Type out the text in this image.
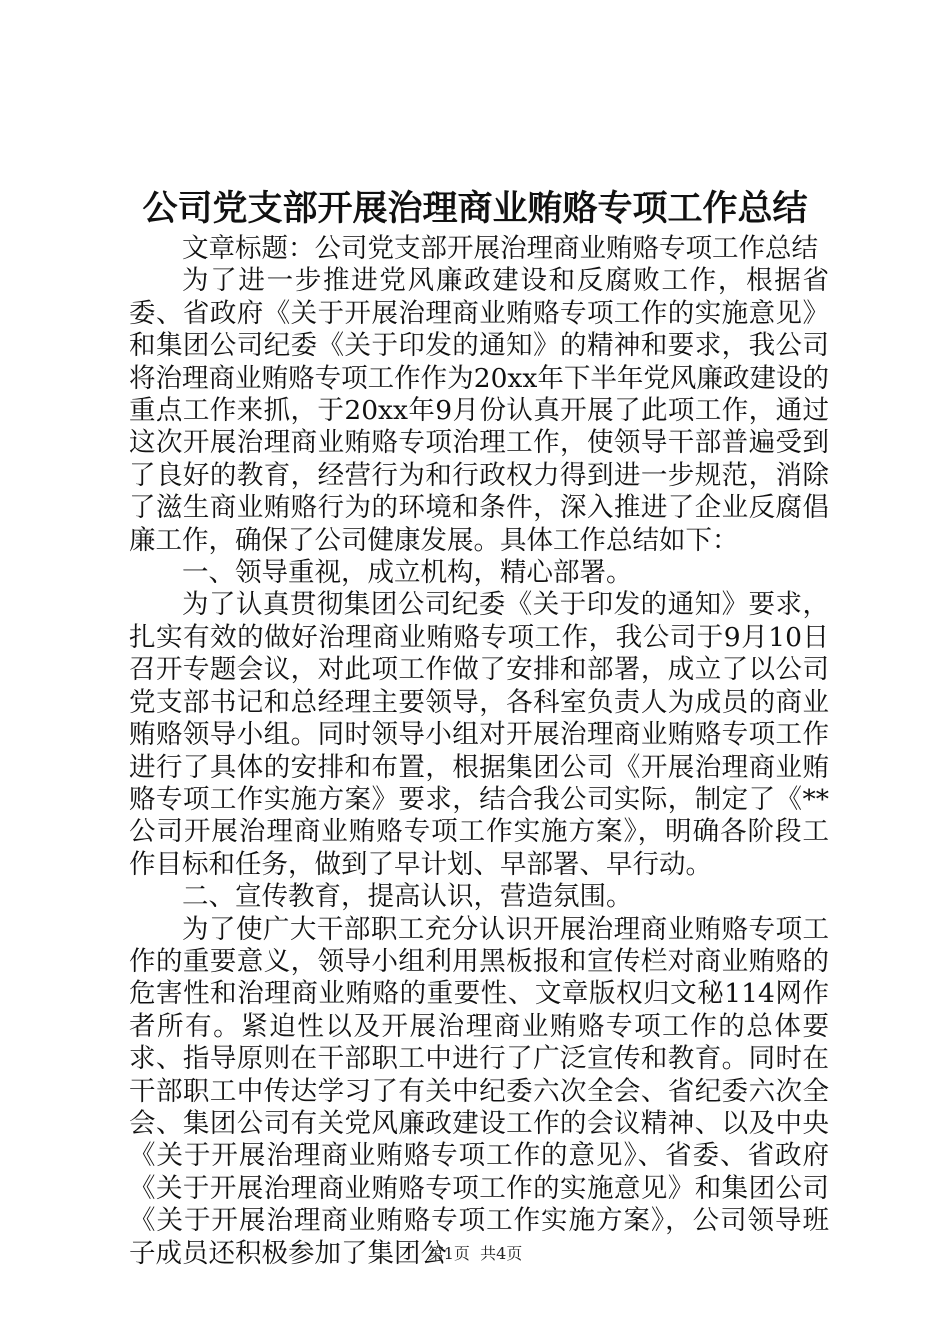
公司党支部开展治理商业贿赂专项工作总结

文章标题：公司党支部开展治理商业贿赂专项工作总结

为了进一步推进党风廉政建设和反腐败工作，根据省委、省政府《关于开展治理商业贿赂专项工作的实施意见》和集团公司纪委《关于印发的通知》的精神和要求，我公司将治理商业贿赂专项工作作为20xx年下半年党风廉政建设的重点工作来抓，于20xx年9月份认真开展了此项工作，通过这次开展治理商业贿赂专项治理工作，使领导干部普遍受到了良好的教育，经营行为和行政权力得到进一步规范，消除了滋生商业贿赂行为的环境和条件，深入推进了企业反腐倡廉工作，确保了公司健康发展。具体工作总结如下：

一、领导重视，成立机构，精心部署。

为了认真贯彻集团公司纪委《关于印发的通知》要求，扎实有效的做好治理商业贿赂专项工作，我公司于9月10日召开专题会议，对此项工作做了安排和部署，成立了以公司党支部书记和总经理主要领导，各科室负责人为成员的商业贿赂领导小组。同时领导小组对开展治理商业贿赂专项工作进行了具体的安排和布置，根据集团公司《开展治理商业贿赂专项工作实施方案》要求，结合我公司实际，制定了《**公司开展治理商业贿赂专项工作实施方案》，明确各阶段工作目标和任务，做到了早计划、早部署、早行动。

二、宣传教育，提高认识，营造氛围。

为了使广大干部职工充分认识开展治理商业贿赂专项工作的重要意义，领导小组利用黑板报和宣传栏对商业贿赂的危害性和治理商业贿赂的重要性、文章版权归文秘114网作者所有。紧迫性以及开展治理商业贿赂专项工作的总体要求、指导原则在干部职工中进行了广泛宣传和教育。同时在干部职工中传达学习了有关中纪委六次全会、省纪委六次全会、集团公司有关党风廉政建设工作的会议精神、以及中央《关于开展治理商业贿赂专项工作的意见》、省委、省政府《关于开展治理商业贿赂专项工作的实施意见》和集团公司《关于开展治理商业贿赂专项工作实施方案》，公司领导班子成员还积极参加了集团公

第1页  共4页
